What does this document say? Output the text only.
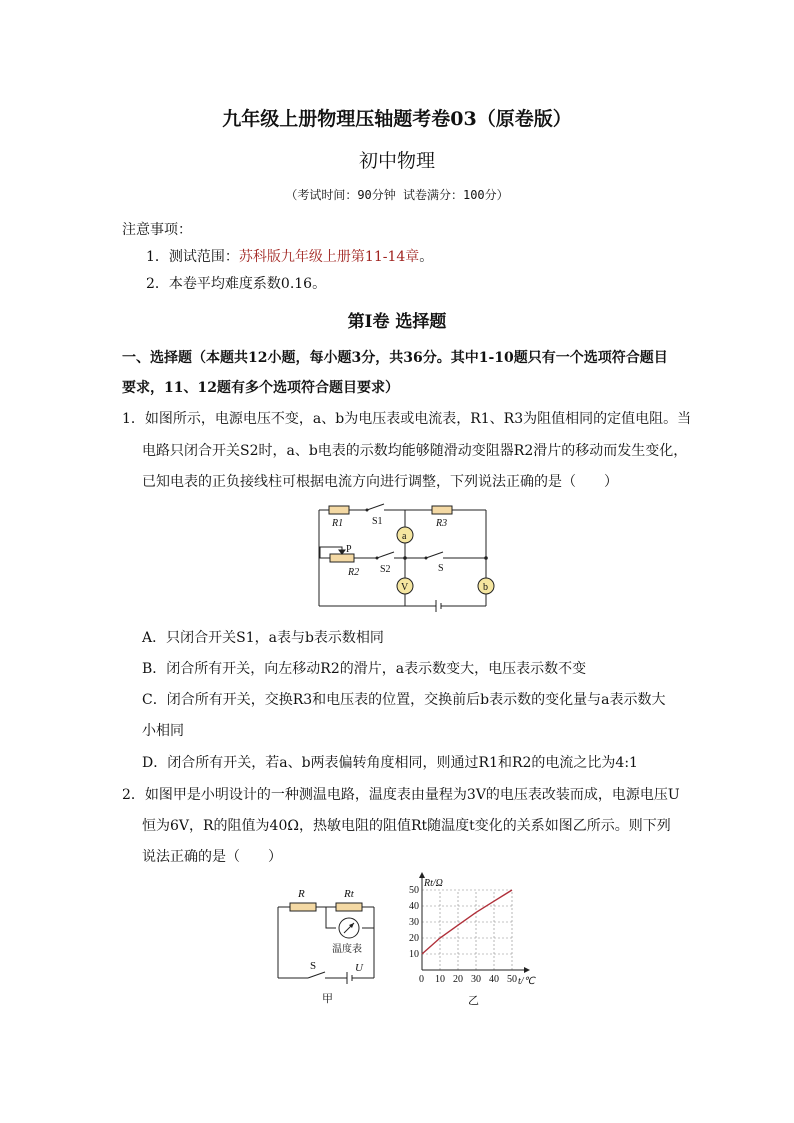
九年级上册物理压轴题考卷03（原卷版）
初中物理
（考试时间：90分钟 试卷满分：100分）
注意事项：
1．测试范围：苏科版九年级上册第11-14章。
2．本卷平均难度系数0.16。
第Ⅰ卷 选择题
一、选择题（本题共12小题，每小题3分，共36分。其中1-10题只有一个选项符合题目
要求，11、12题有多个选项符合题目要求）
1．如图所示，电源电压不变，a、b为电压表或电流表，R1、R3为阻值相同的定值电阻。当
电路只闭合开关S2时，a、b电表的示数均能够随滑动变阻器R2滑片的移动而发生变化，
已知电表的正负接线柱可根据电流方向进行调整，下列说法正确的是（　　）
R1	S1	R3
P
R2 S2	S
a
V	b
A．只闭合开关S1，a表与b表示数相同
B．闭合所有开关，向左移动R2的滑片，a表示数变大，电压表示数不变
C．闭合所有开关，交换R3和电压表的位置，交换前后b表示数的变化量与a表示数大
小相同
D．闭合所有开关，若a、b两表偏转角度相同，则通过R1和R2的电流之比为4:1
2．如图甲是小明设计的一种测温电路，温度表由量程为3V的电压表改装而成，电源电压U
恒为6V，R的阻值为40Ω，热敏电阻的阻值Rt随温度t变化的关系如图乙所示。则下列
说法正确的是（　　）
R	Rt
温度表
S	U
甲
0 10 20 30 40 50
10
20
30
40
50
Rt/Ω
t/℃
乙
